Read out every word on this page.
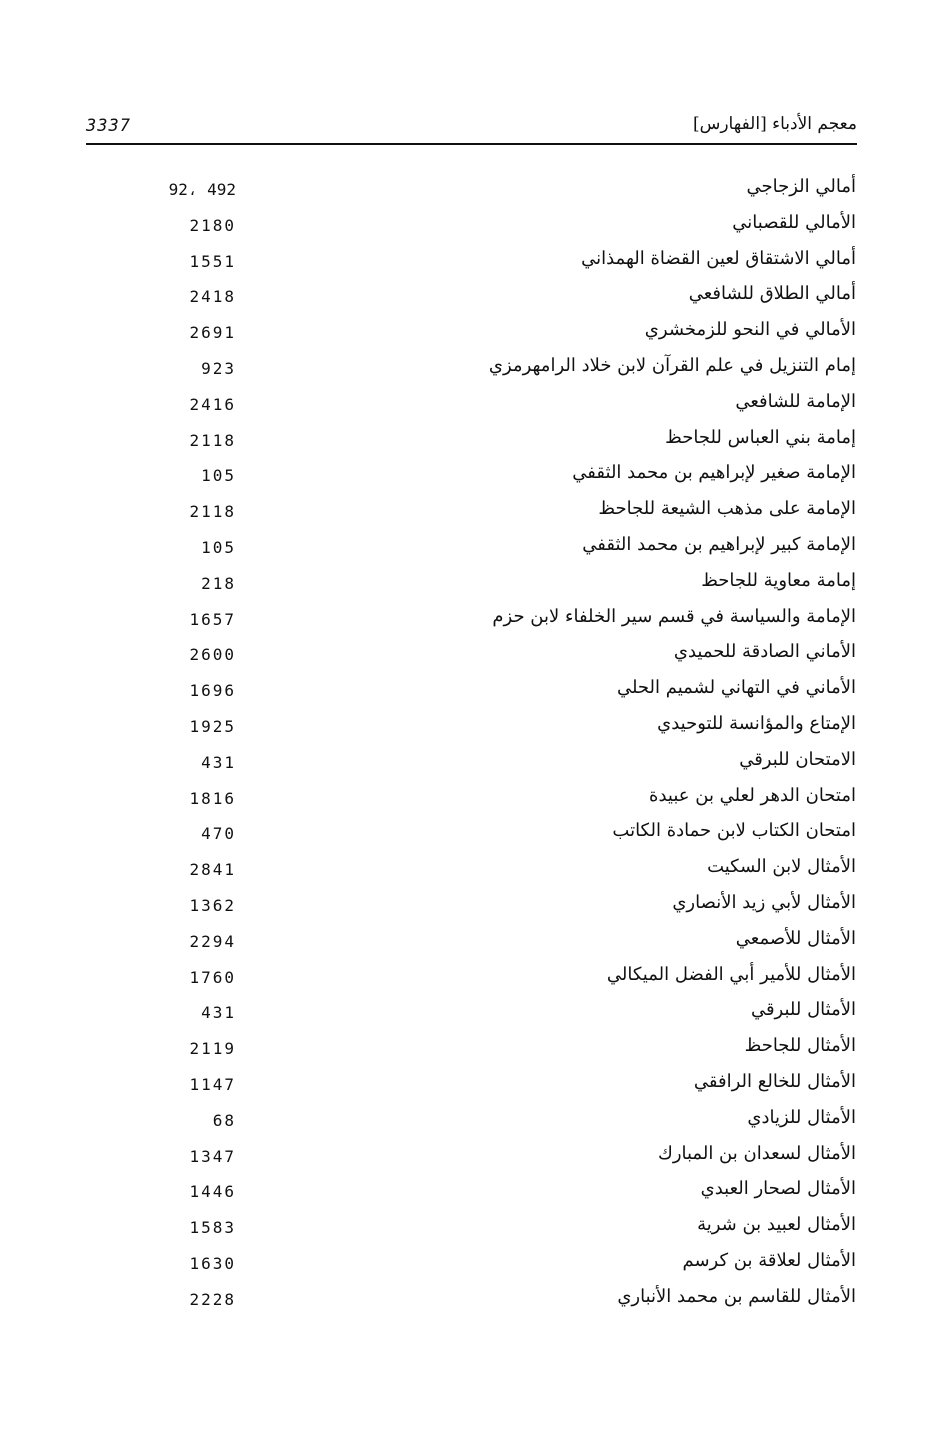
3337	معجم الأدباء [الفهارس]
أمالي الزجاجي
92، 492
الأمالي للقصباني
2180
أمالي الاشتقاق لعين القضاة الهمذاني
1551
أمالي الطلاق للشافعي
2418
الأمالي في النحو للزمخشري
2691
إمام التنزيل في علم القرآن لابن خلاد الرامهرمزي
923
الإمامة للشافعي
2416
إمامة بني العباس للجاحظ
2118
الإمامة صغير لإبراهيم بن محمد الثقفي
105
الإمامة على مذهب الشيعة للجاحظ
2118
الإمامة كبير لإبراهيم بن محمد الثقفي
105
إمامة معاوية للجاحظ
218
الإمامة والسياسة في قسم سير الخلفاء لابن حزم
1657
الأماني الصادقة للحميدي
2600
الأماني في التهاني لشميم الحلي
1696
الإمتاع والمؤانسة للتوحيدي
1925
الامتحان للبرقي
431
امتحان الدهر لعلي بن عبيدة
1816
امتحان الكتاب لابن حمادة الكاتب
470
الأمثال لابن السكيت
2841
الأمثال لأبي زيد الأنصاري
1362
الأمثال للأصمعي
2294
الأمثال للأمير أبي الفضل الميكالي
1760
الأمثال للبرقي
431
الأمثال للجاحظ
2119
الأمثال للخالع الرافقي
1147
الأمثال للزيادي
68
الأمثال لسعدان بن المبارك
1347
الأمثال لصحار العبدي
1446
الأمثال لعبيد بن شرية
1583
الأمثال لعلاقة بن كرسم
1630
الأمثال للقاسم بن محمد الأنباري
2228
